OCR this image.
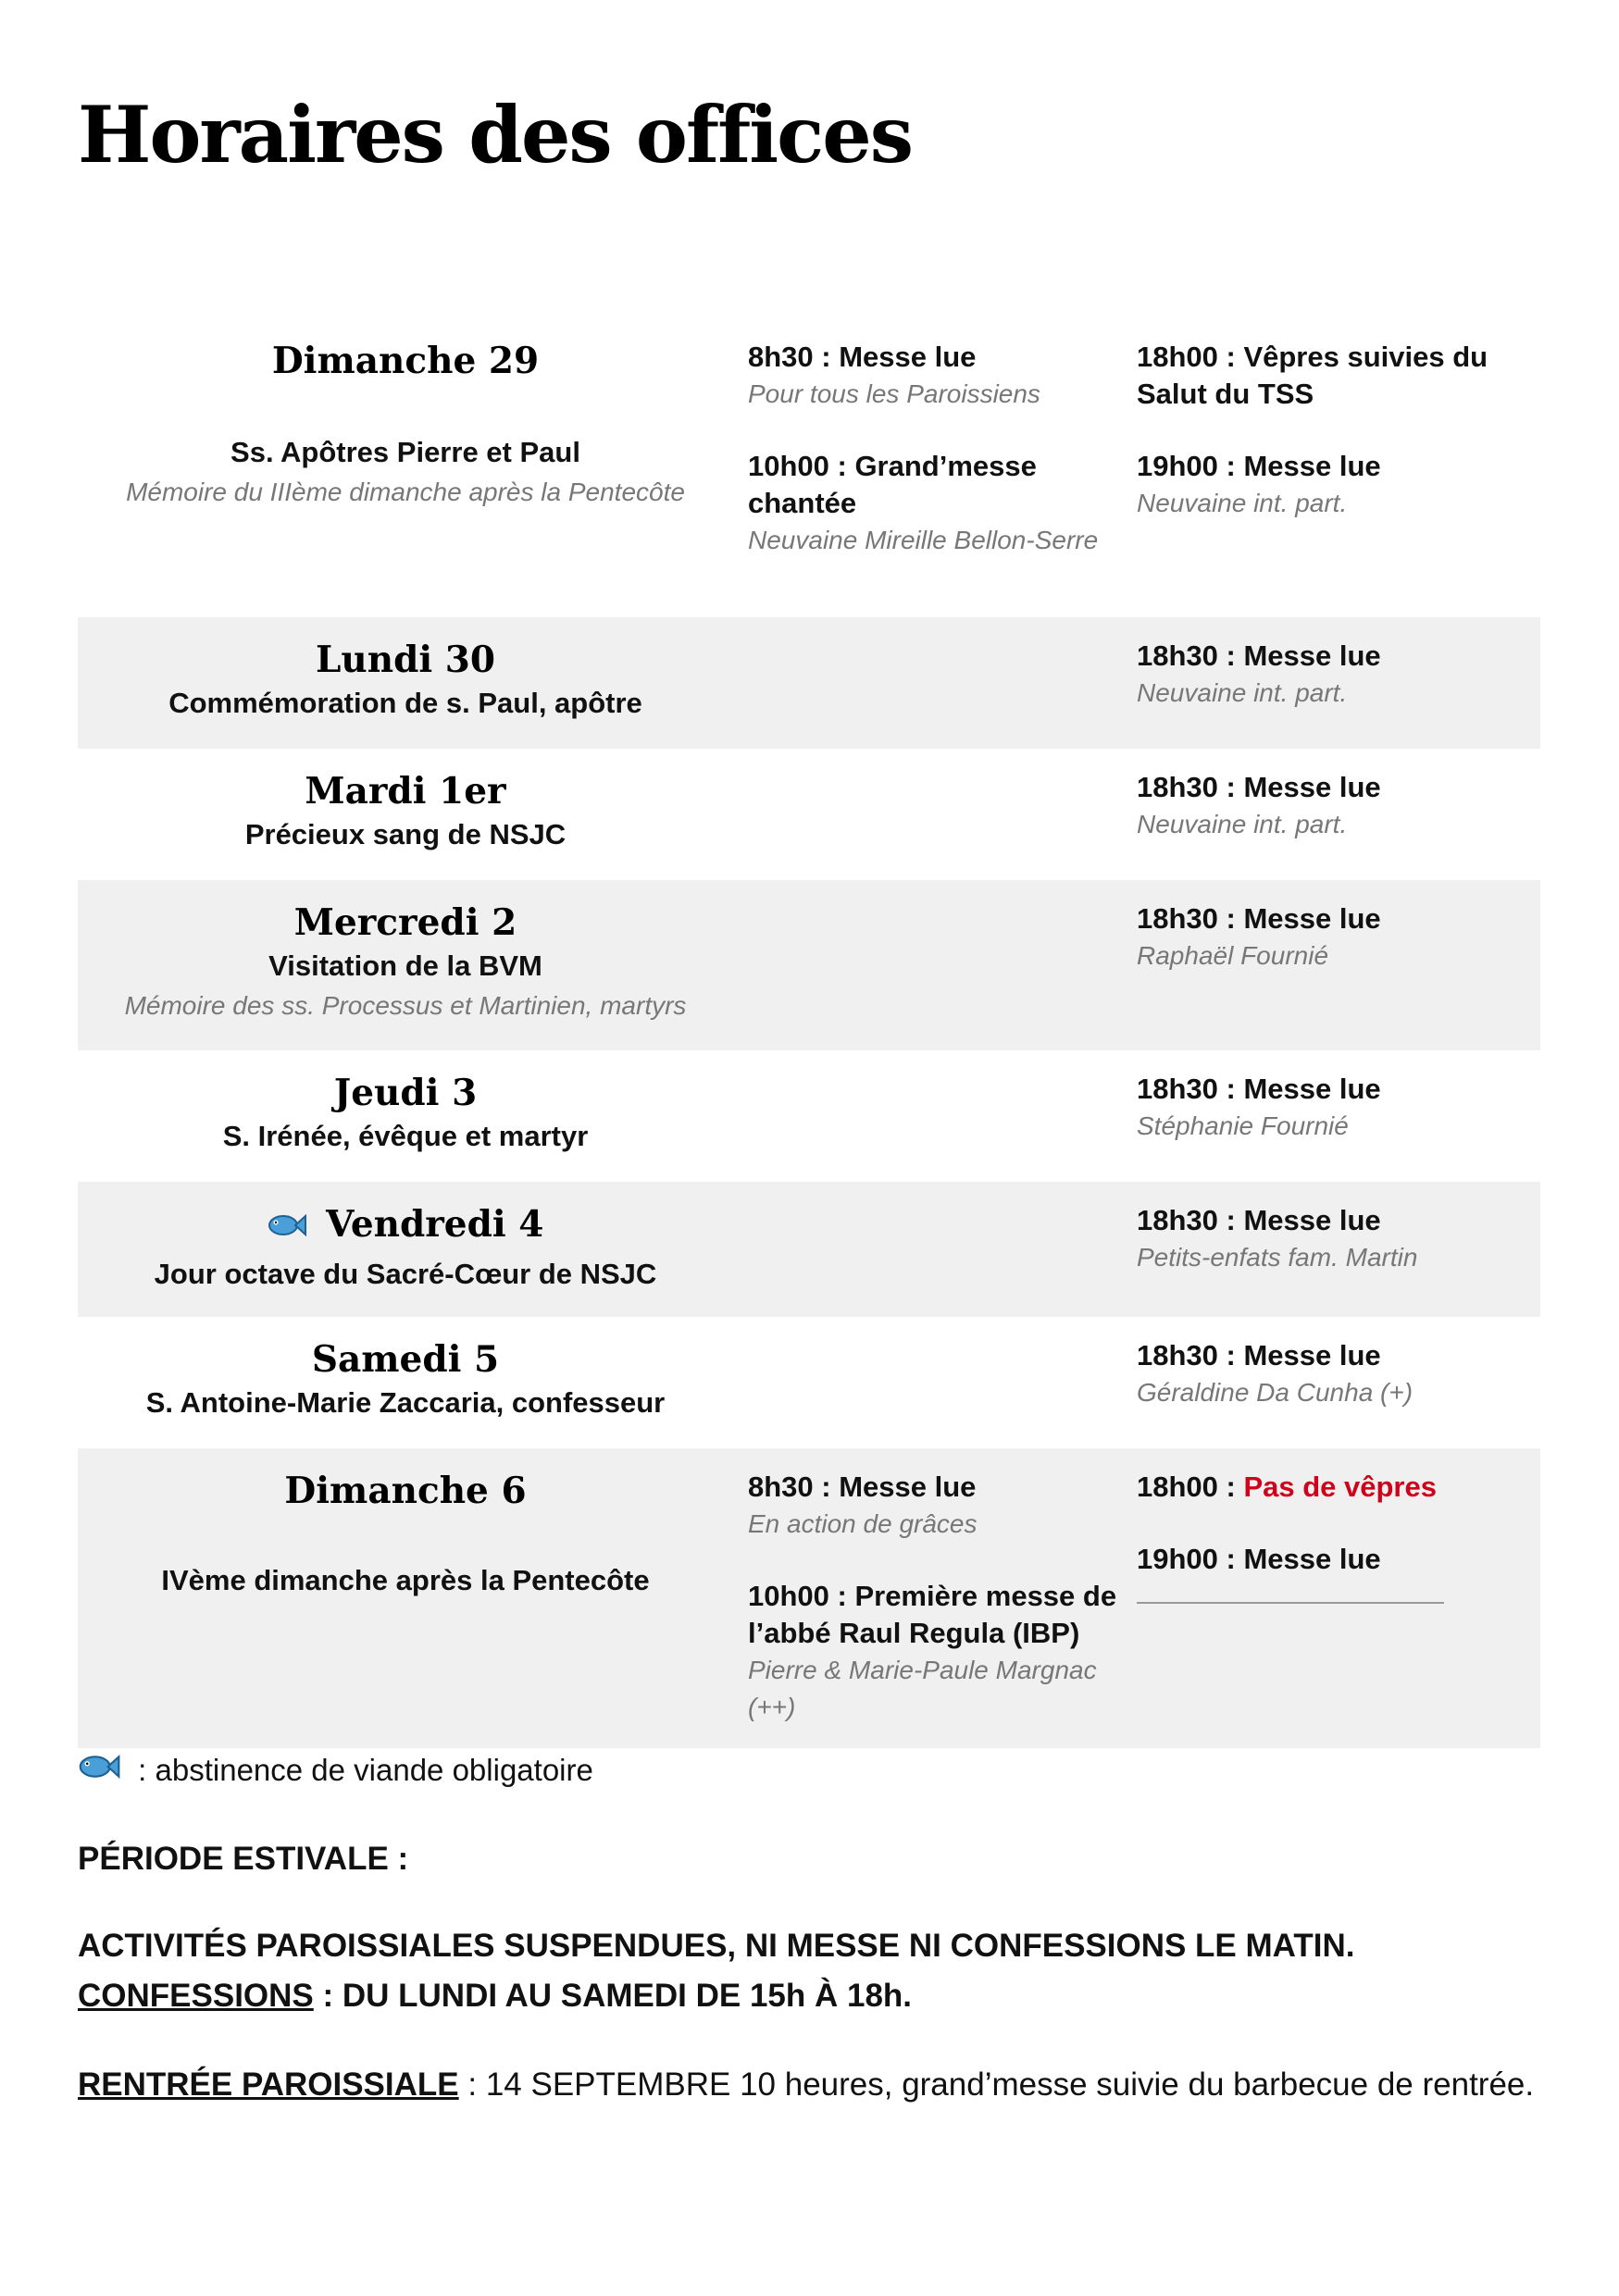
Horaires des offices
Dimanche 29
Ss. Apôtres Pierre et Paul
Mémoire du IIIème dimanche après la Pentecôte
8h30 : Messe lue
Pour tous les Paroissiens
10h00 : Grand’messe chantée
Neuvaine Mireille Bellon-Serre
18h00 : Vêpres suivies du Salut du TSS
19h00 : Messe lue
Neuvaine int. part.
Lundi 30
Commémoration de s. Paul, apôtre
18h30 : Messe lue
Neuvaine int. part.
Mardi 1er
Précieux sang de NSJC
18h30 : Messe lue
Neuvaine int. part.
Mercredi 2
Visitation de la BVM
Mémoire des ss. Processus et Martinien, martyrs
18h30 : Messe lue
Raphaël Fournié
Jeudi 3
S. Irénée, évêque et martyr
18h30 : Messe lue
Stéphanie Fournié
Vendredi 4
Jour octave du Sacré-Cœur de NSJC
18h30 : Messe lue
Petits-enfats fam. Martin
Samedi 5
S. Antoine-Marie Zaccaria, confesseur
18h30 : Messe lue
Géraldine Da Cunha (+)
Dimanche 6
IVème dimanche après la Pentecôte
8h30 : Messe lue
En action de grâces
10h00 : Première messe de l’abbé Raul Regula (IBP)
Pierre & Marie-Paule Margnac (++)
18h00 : Pas de vêpres
19h00 : Messe lue
: abstinence de viande obligatoire
PÉRIODE ESTIVALE :
ACTIVITÉS PAROISSIALES SUSPENDUES, NI MESSE NI CONFESSIONS LE MATIN.
CONFESSIONS : DU LUNDI AU SAMEDI DE 15h À 18h.
RENTRÉE PAROISSIALE : 14 SEPTEMBRE 10 heures, grand’messe suivie du barbecue de rentrée.
